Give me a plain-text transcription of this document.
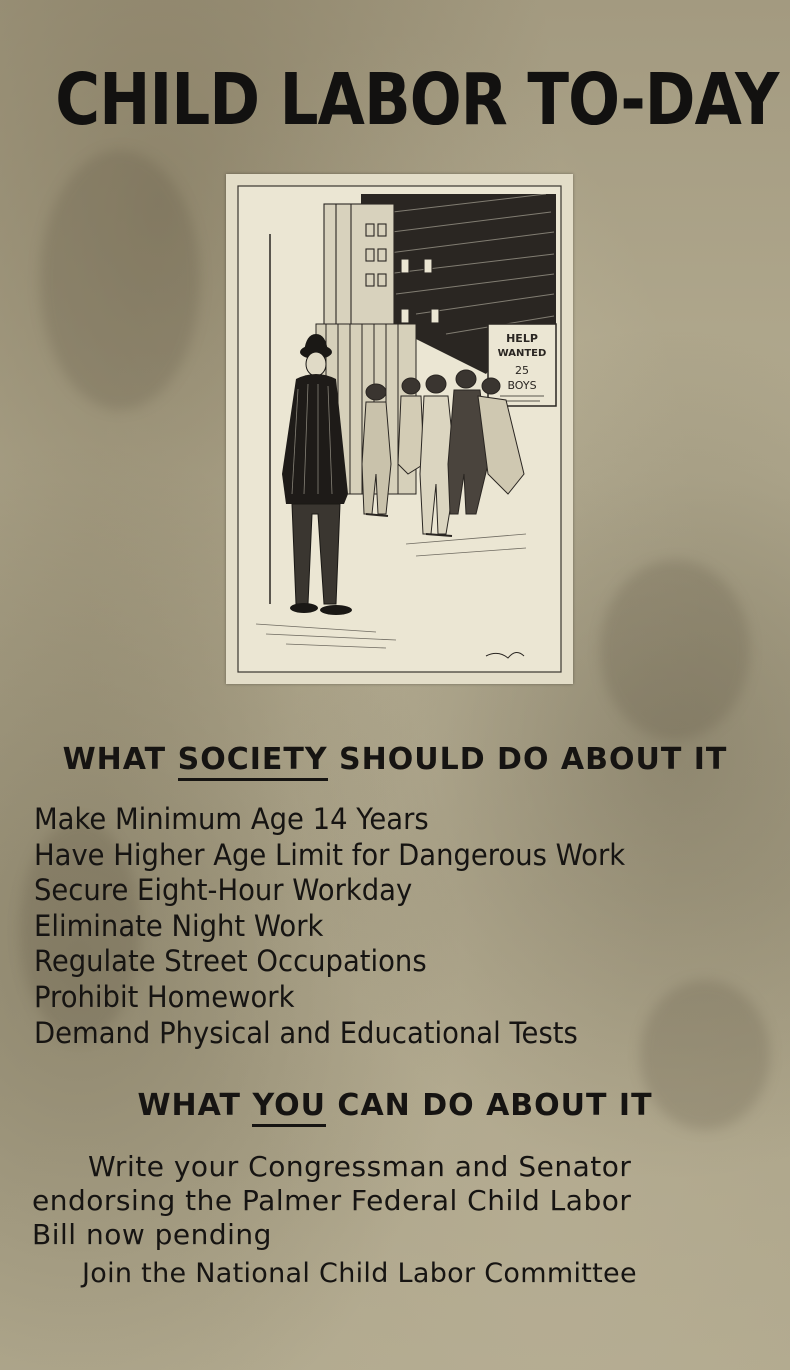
CHILD LABOR TO-DAY
HELP
WANTED
25
BOYS
WHAT SOCIETY SHOULD DO ABOUT IT
Make Minimum Age 14 Years
Have Higher Age Limit for Dangerous Work
Secure Eight-Hour Workday
Eliminate Night Work
Regulate Street Occupations
Prohibit Homework
Demand Physical and Educational Tests
WHAT YOU CAN DO ABOUT IT
Write your Congressman and Senator
endorsing the Palmer Federal Child Labor
Bill now pending
Join the National Child Labor Committee
